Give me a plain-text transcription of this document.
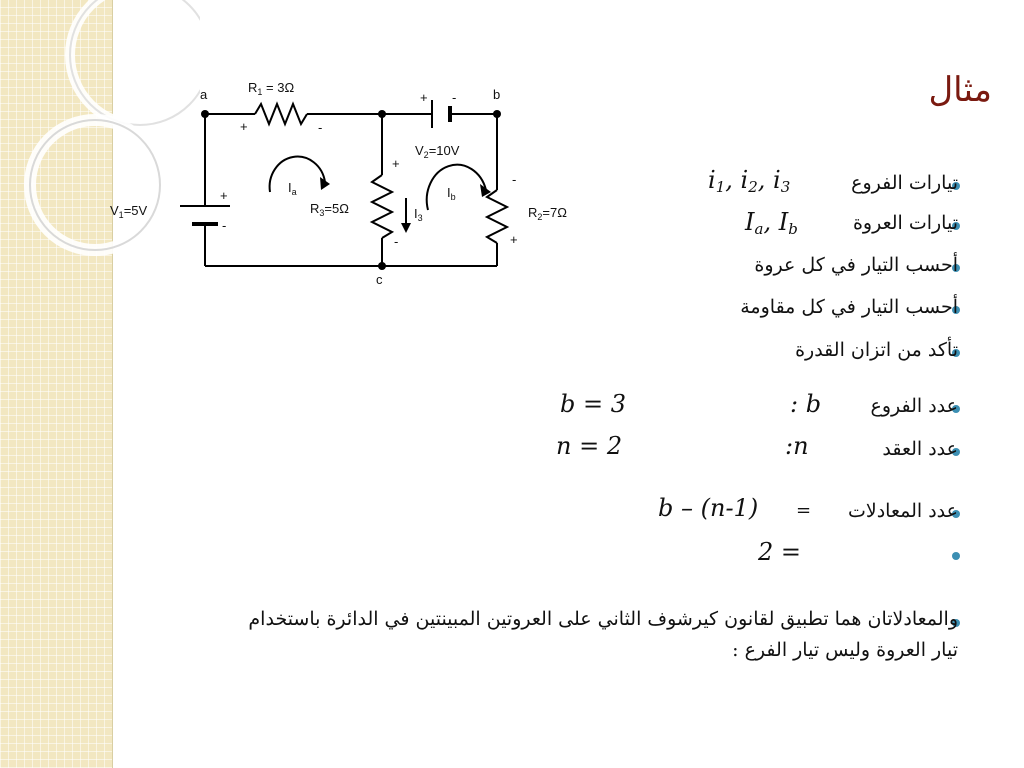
مثال
a	b
c
$R_1 = 3\Omega$
+	-
+ -
$V_2=10V$
$V_1=5V$
+
-
$R_3=5\Omega$
+
-
$R_2=7\Omega$
-
+
$I_a$	$I_b$
$I_3$
تيارات الفروع
$i_1$, $i_2$, $i_3$
تيارات العروة
$I_a$, $I_b$
أحسب التيار في كل عروة
أحسب التيار في كل مقاومة
تأكد من اتزان القدرة
عدد الفروع
: b
b = 3
عدد العقد
:n
n = 2
عدد المعادلات
=
b – (n-1)
2 =
والمعادلاتان هما تطبيق لقانون كيرشوف الثاني على العروتين المبينتين في الدائرة باستخدام تيار العروة وليس تيار الفرع :
